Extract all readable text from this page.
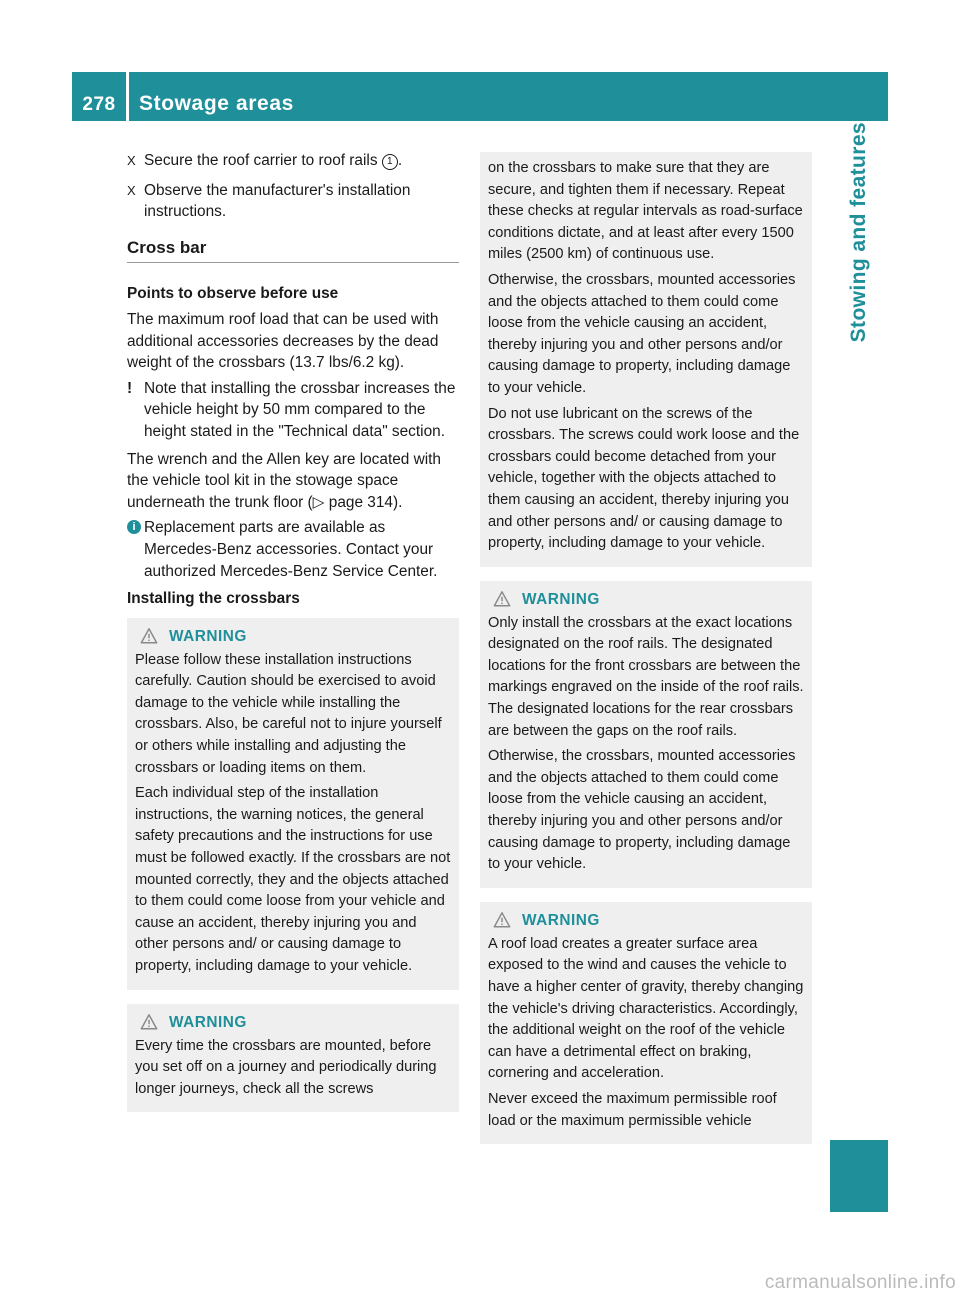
278	Stowage areas
Stowing and features
X Secure the roof carrier to roof rails 1 .
X Observe the manufacturer's installation instructions.
Cross bar
Points to observe before use

The maximum roof load that can be used with additional accessories decreases by the dead weight of the crossbars (13.7 lbs/6.2 kg).

! Note that installing the crossbar increases the vehicle height by 50 mm compared to the height stated in the "Technical data" section.

The wrench and the Allen key are located with the vehicle tool kit in the stowage space underneath the trunk floor (▷ page 314).

i Replacement parts are available as Mercedes-Benz accessories. Contact your authorized Mercedes-Benz Service Center.
Installing the crossbars
WARNING

Please follow these installation instructions carefully. Caution should be exercised to avoid damage to the vehicle while installing the crossbars. Also, be careful not to injure yourself or others while installing and adjusting the crossbars or loading items on them.

Each individual step of the installation instructions, the warning notices, the general safety precautions and the instructions for use must be followed exactly. If the crossbars are not mounted correctly, they and the objects attached to them could come loose from your vehicle and cause an accident, thereby injuring you and other persons and/ or causing damage to property, including damage to your vehicle.

WARNING

Every time the crossbars are mounted, before you set off on a journey and periodically during longer journeys, check all the screws

on the crossbars to make sure that they are secure, and tighten them if necessary. Repeat these checks at regular intervals as road-surface conditions dictate, and at least after every 1500 miles (2500 km) of continuous use.

Otherwise, the crossbars, mounted accessories and the objects attached to them could come loose from the vehicle causing an accident, thereby injuring you and other persons and/or causing damage to property, including damage to your vehicle.

Do not use lubricant on the screws of the crossbars. The screws could work loose and the crossbars could become detached from your vehicle, together with the objects attached to them causing an accident, thereby injuring you and other persons and/ or causing damage to property, including damage to your vehicle.

WARNING

Only install the crossbars at the exact locations designated on the roof rails. The designated locations for the front crossbars are between the markings engraved on the inside of the roof rails. The designated locations for the rear crossbars are between the gaps on the roof rails.

Otherwise, the crossbars, mounted accessories and the objects attached to them could come loose from the vehicle causing an accident, thereby injuring you and other persons and/or causing damage to property, including damage to your vehicle.

WARNING

A roof load creates a greater surface area exposed to the wind and causes the vehicle to have a higher center of gravity, thereby changing the vehicle's driving characteristics. Accordingly, the additional weight on the roof of the vehicle can have a detrimental effect on braking, cornering and acceleration.

Never exceed the maximum permissible roof load or the maximum permissible vehicle

carmanualsonline.info
